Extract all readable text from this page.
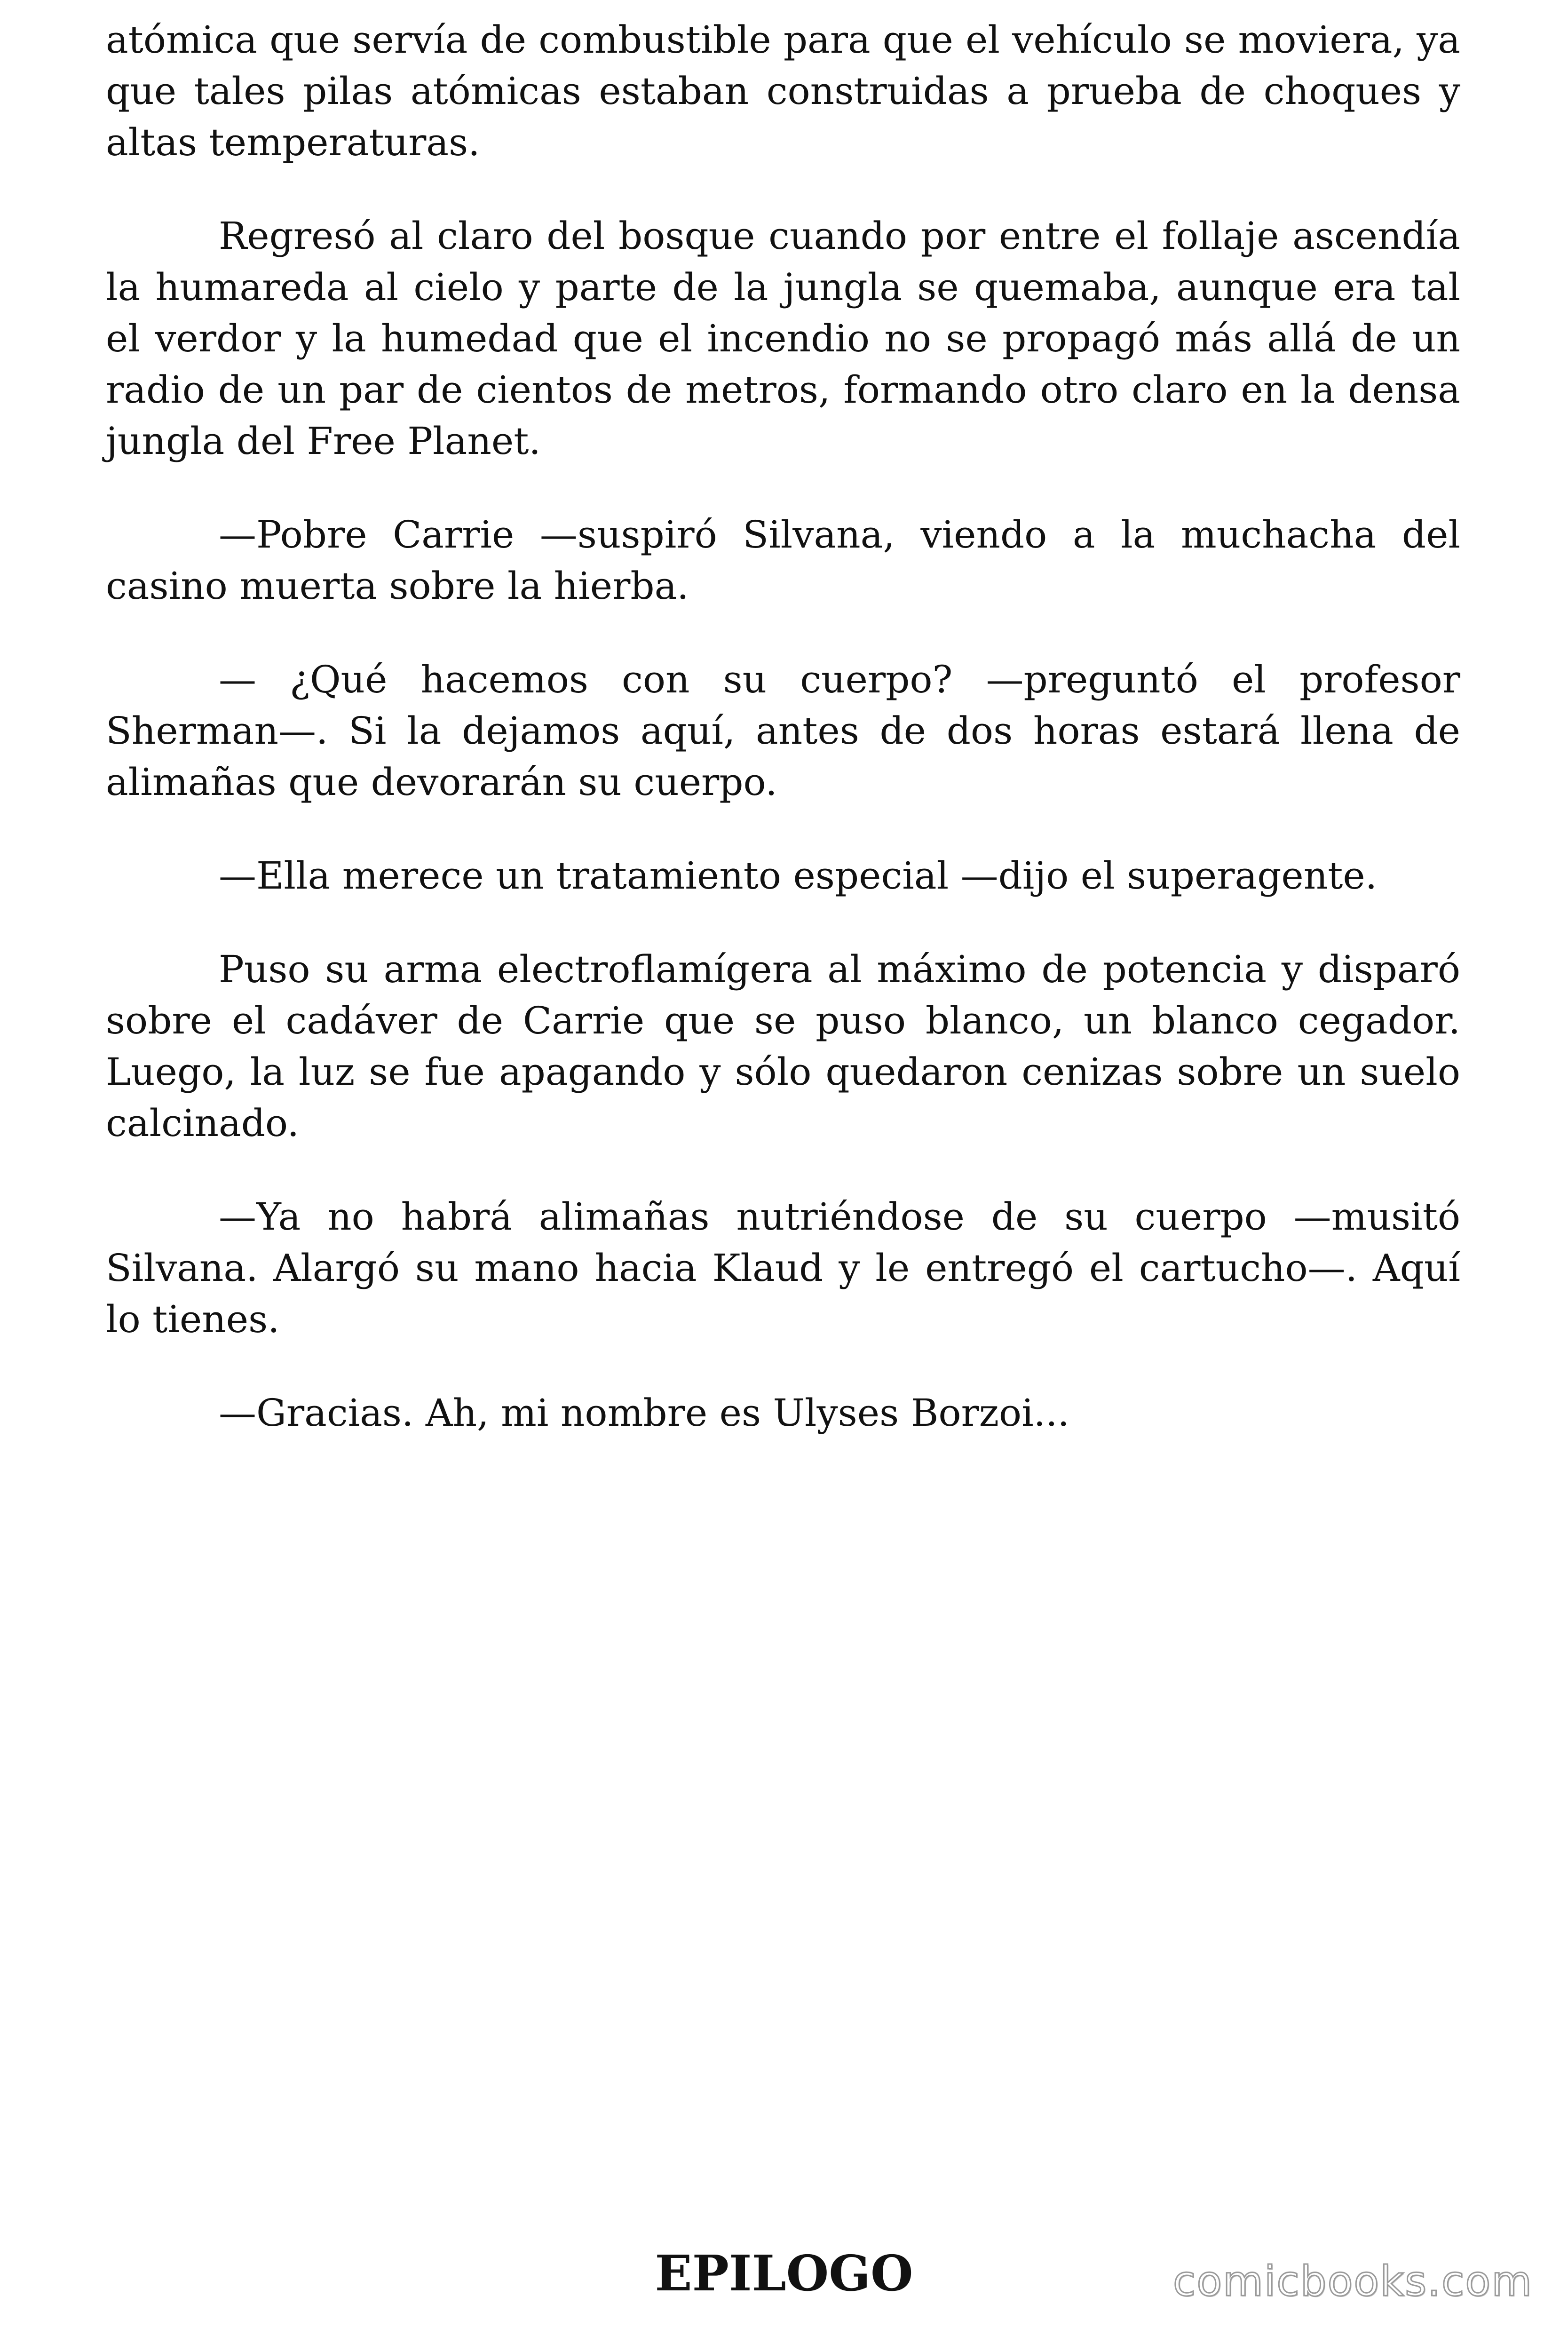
atómica que servía de combustible para que el vehículo se moviera, ya que tales pilas atómicas estaban construidas a prueba de choques y altas temperaturas.

Regresó al claro del bosque cuando por entre el follaje ascendía la humareda al cielo y parte de la jungla se quemaba, aunque era tal el verdor y la humedad que el incendio no se propagó más allá de un radio de un par de cientos de metros, formando otro claro en la densa jungla del Free Planet.

—Pobre Carrie —suspiró Silvana, viendo a la muchacha del casino muerta sobre la hierba.

— ¿Qué hacemos con su cuerpo? —preguntó el profesor Sherman—. Si la dejamos aquí, antes de dos horas estará llena de alimañas que devorarán su cuerpo.

—Ella merece un tratamiento especial —dijo el superagente.

Puso su arma electroflamígera al máximo de potencia y disparó sobre el cadáver de Carrie que se puso blanco, un blanco cegador. Luego, la luz se fue apagando y sólo quedaron cenizas sobre un suelo calcinado.

—Ya no habrá alimañas nutriéndose de su cuerpo —musitó Silvana. Alargó su mano hacia Klaud y le entregó el cartucho—. Aquí lo tienes.

—Gracias. Ah, mi nombre es Ulyses Borzoi...

EPILOGO	comicbooks.com
